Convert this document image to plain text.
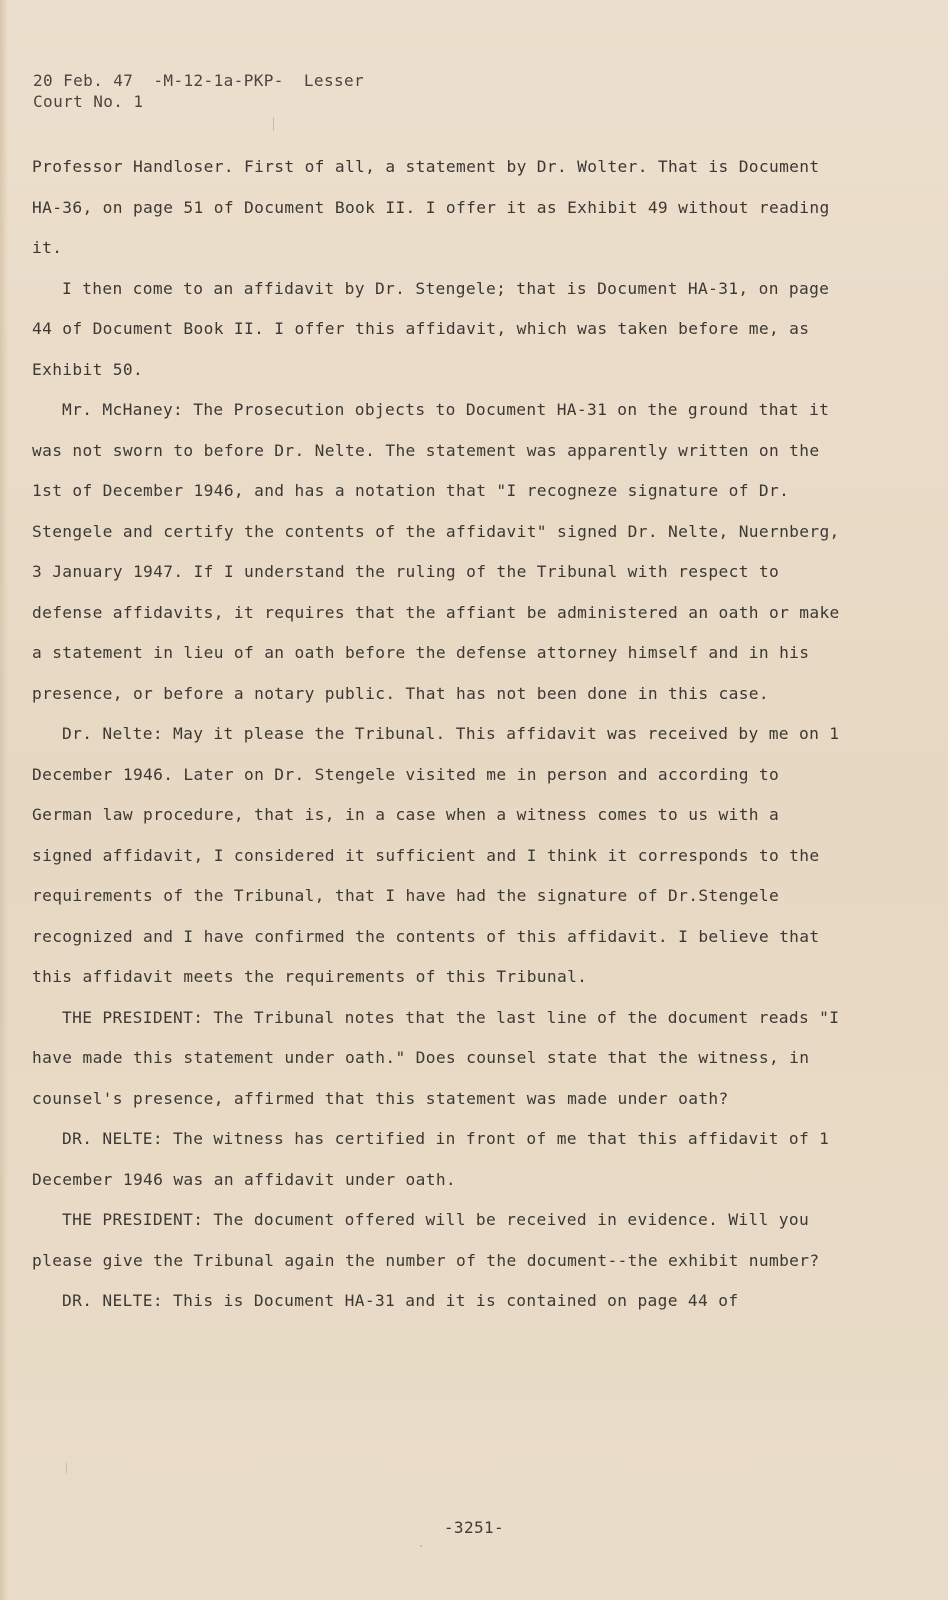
20 Feb. 47  -M-12-1a-PKP-  Lesser
Court No. 1

Professor Handloser. First of all, a statement by Dr. Wolter. That is Document HA-36, on page 51 of Document Book II. I offer it as Exhibit 49 without reading it.

I then come to an affidavit by Dr. Stengele; that is Document HA-31, on page 44 of Document Book II. I offer this affidavit, which was taken before me, as Exhibit 50.

Mr. McHaney: The Prosecution objects to Document HA-31 on the ground that it was not sworn to before Dr. Nelte. The statement was apparently written on the 1st of December 1946, and has a notation that "I recogneze signature of Dr. Stengele and certify the contents of the affidavit" signed Dr. Nelte, Nuernberg, 3 January 1947. If I understand the ruling of the Tribunal with respect to defense affidavits, it requires that the affiant be administered an oath or make a statement in lieu of an oath before the defense attorney himself and in his presence, or before a notary public. That has not been done in this case.

Dr. Nelte: May it please the Tribunal. This affidavit was received by me on 1 December 1946. Later on Dr. Stengele visited me in person and according to German law procedure, that is, in a case when a witness comes to us with a signed affidavit, I considered it sufficient and I think it corresponds to the requirements of the Tribunal, that I have had the signature of Dr.Stengele recognized and I have confirmed the contents of this affidavit. I believe that this affidavit meets the requirements of this Tribunal.

THE PRESIDENT: The Tribunal notes that the last line of the document reads "I have made this statement under oath." Does counsel state that the witness, in counsel's presence, affirmed that this statement was made under oath?

DR. NELTE: The witness has certified in front of me that this affidavit of 1 December 1946 was an affidavit under oath.

THE PRESIDENT: The document offered will be received in evidence. Will you please give the Tribunal again the number of the document--the exhibit number?

DR. NELTE: This is Document HA-31 and it is contained on page 44 of

-3251-
